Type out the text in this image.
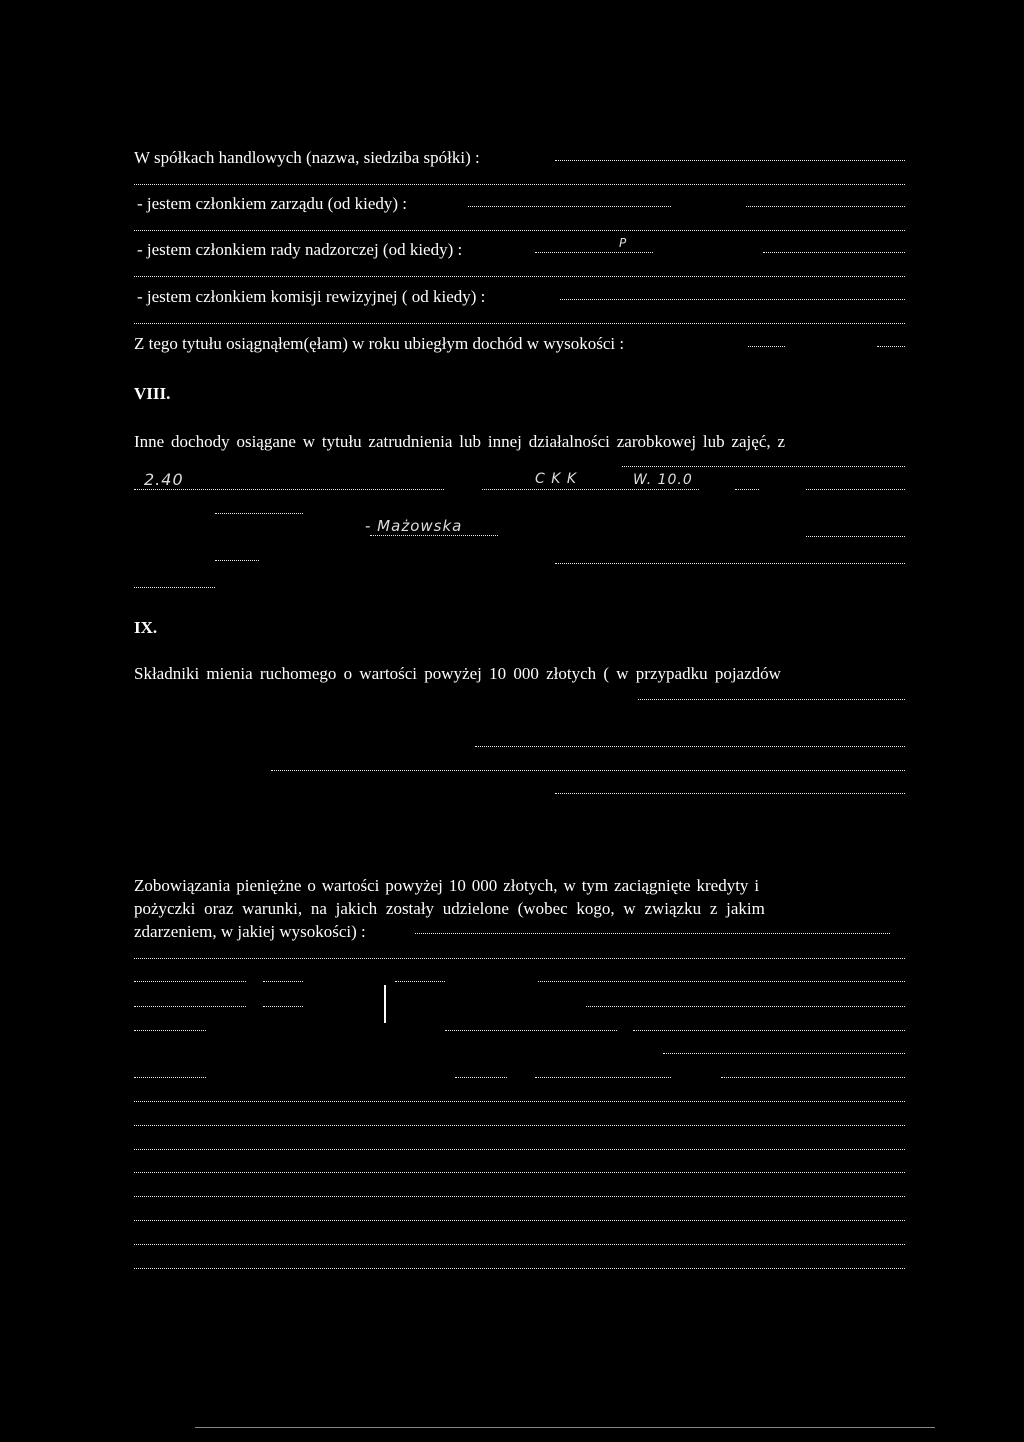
W spółkach handlowych (nazwa, siedziba spółki) :
- jestem członkiem zarządu (od kiedy) :
- jestem członkiem rady nadzorczej (od kiedy) :	P
- jestem członkiem komisji rewizyjnej ( od kiedy) :
Z tego tytułu osiągnąłem(ęłam) w roku ubiegłym dochód w wysokości :
VIII.
Inne dochody osiągane w tytułu zatrudnienia lub innej działalności zarobkowej lub zajęć, z
2.40	C K K	W. 10.0
- Mażowska
IX.
Składniki mienia ruchomego o wartości powyżej 10 000 złotych ( w przypadku pojazdów
Zobowiązania pieniężne o wartości powyżej 10 000 złotych, w tym zaciągnięte kredyty i
pożyczki oraz warunki, na jakich zostały udzielone (wobec kogo, w związku z jakim
zdarzeniem, w jakiej wysokości) :
